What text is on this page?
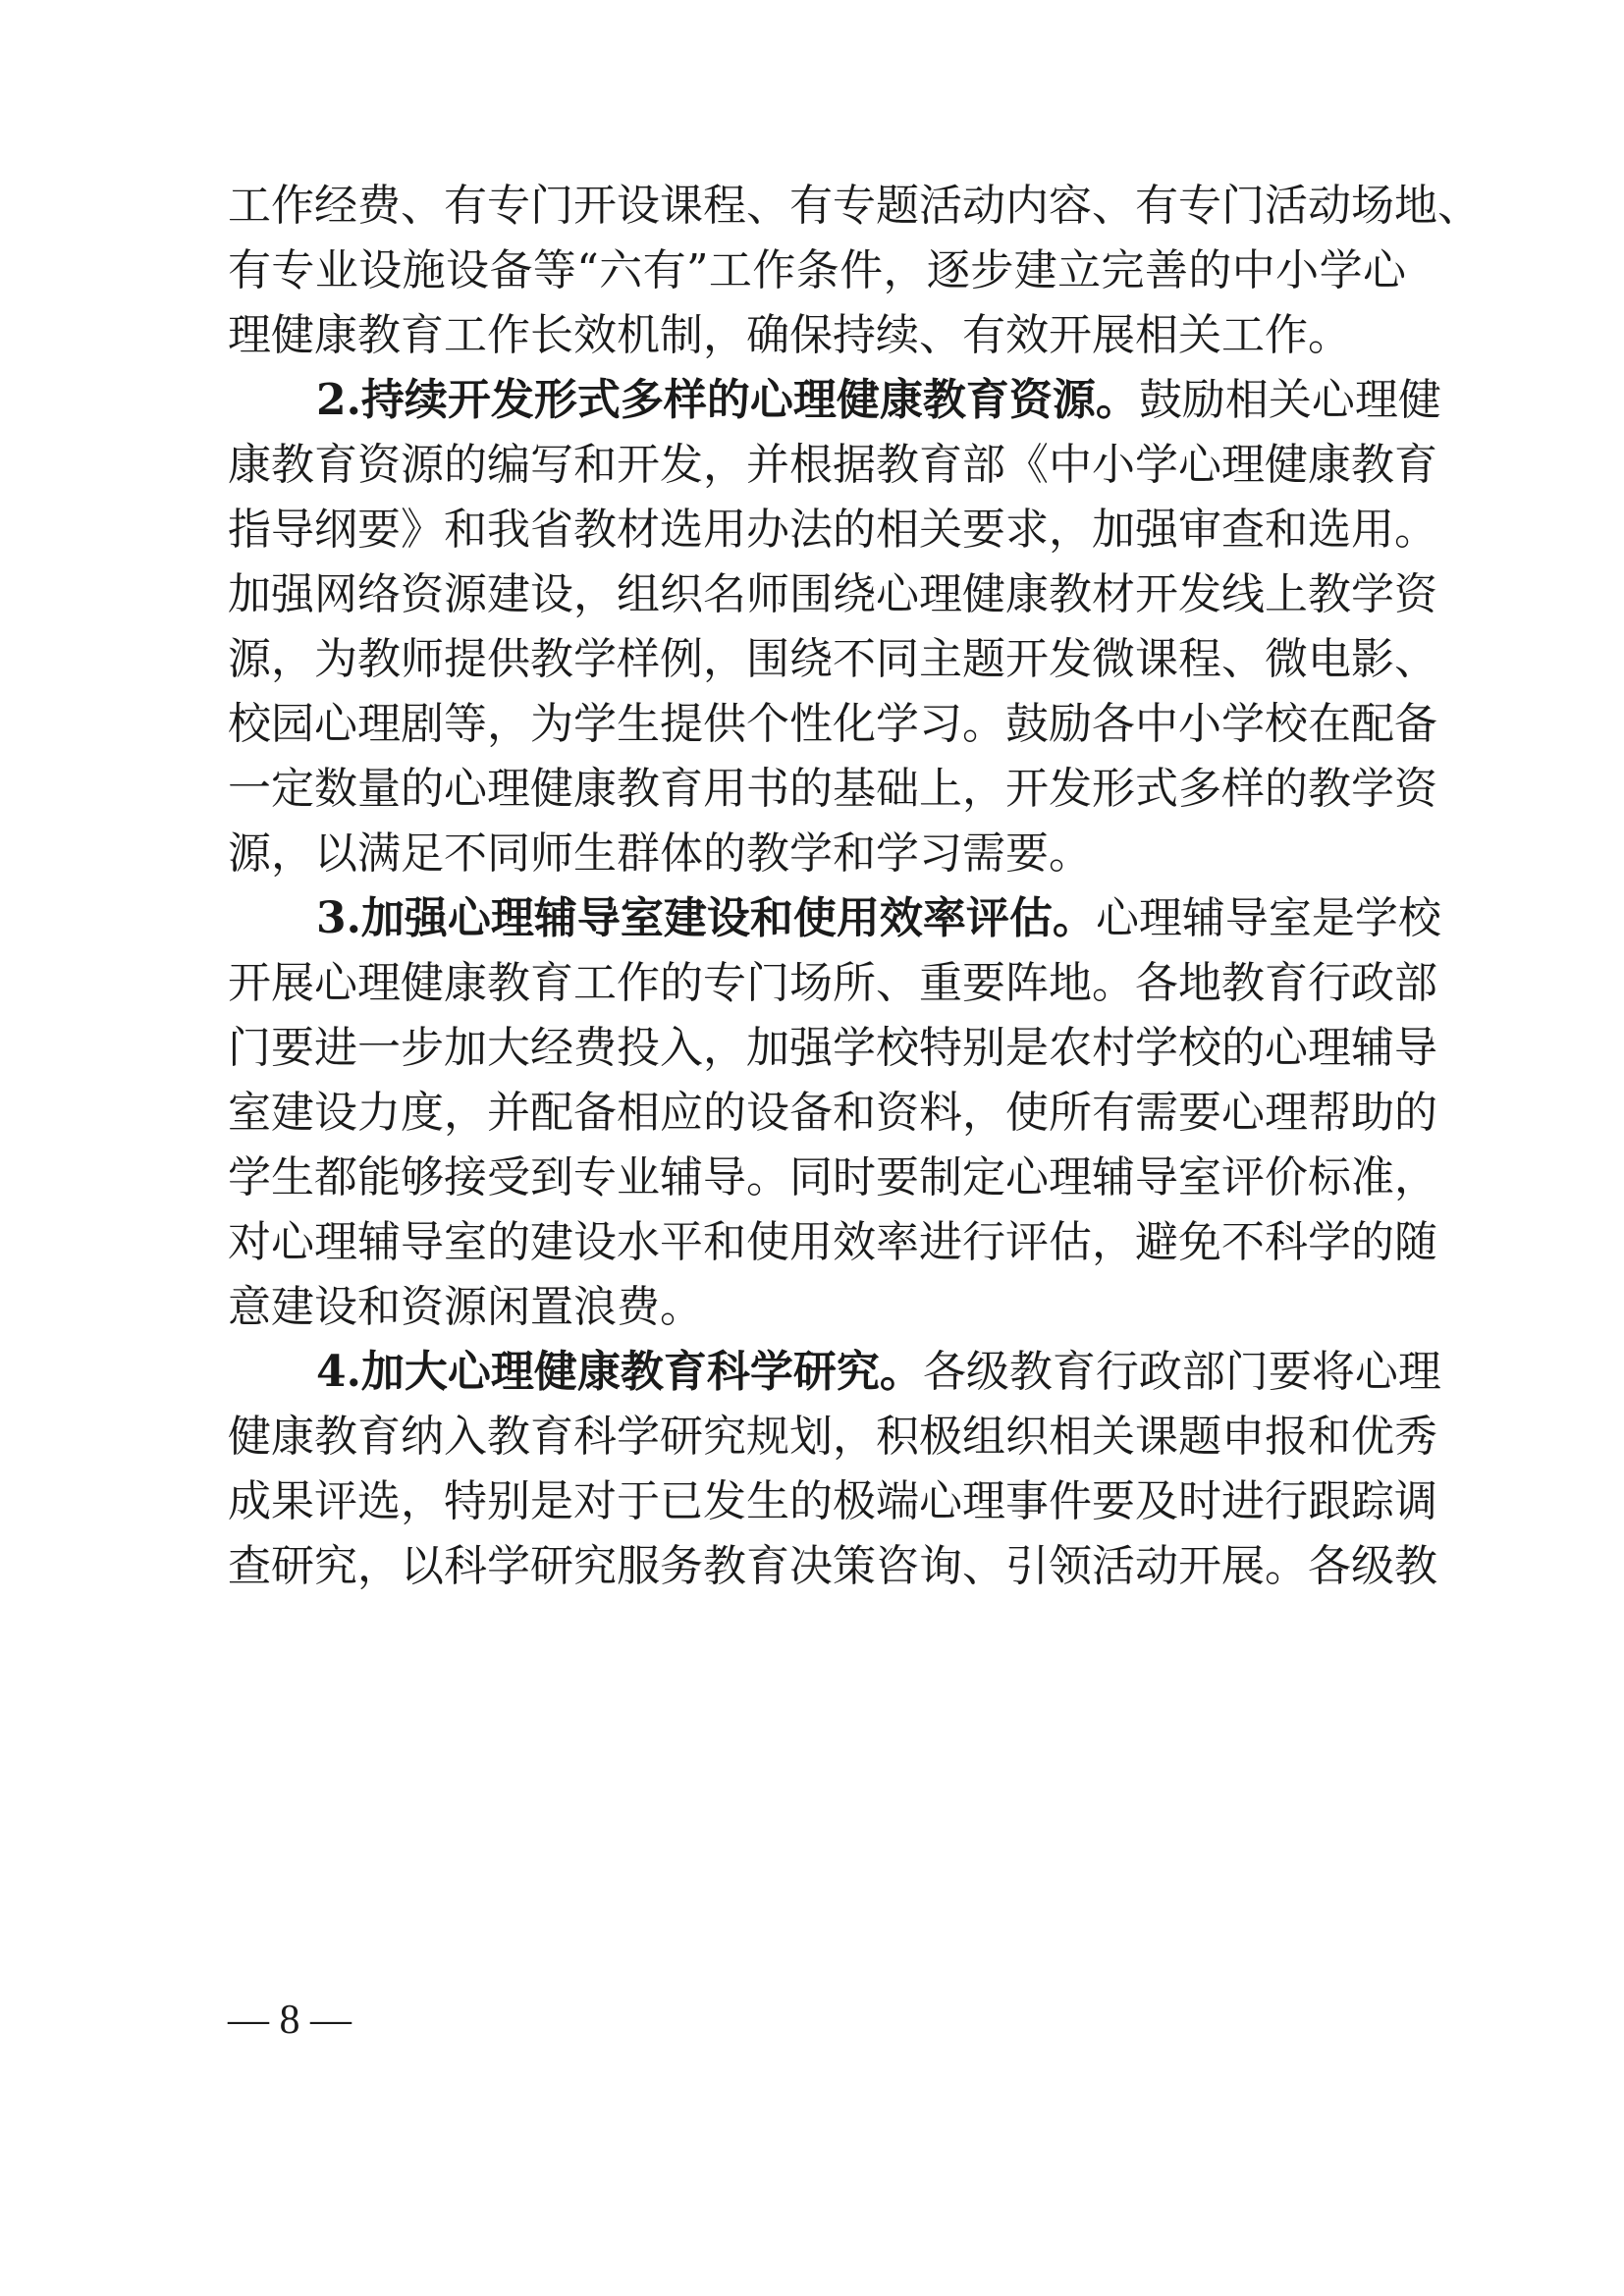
工作经费、有专门开设课程、有专题活动内容、有专门活动场地、
有专业设施设备等“六有”工作条件，逐步建立完善的中小学心
理健康教育工作长效机制，确保持续、有效开展相关工作。
2.持续开发形式多样的心理健康教育资源。鼓励相关心理健
康教育资源的编写和开发，并根据教育部《中小学心理健康教育
指导纲要》和我省教材选用办法的相关要求，加强审查和选用。
加强网络资源建设，组织名师围绕心理健康教材开发线上教学资
源，为教师提供教学样例，围绕不同主题开发微课程、微电影、
校园心理剧等，为学生提供个性化学习。鼓励各中小学校在配备
一定数量的心理健康教育用书的基础上，开发形式多样的教学资
源，以满足不同师生群体的教学和学习需要。
3.加强心理辅导室建设和使用效率评估。心理辅导室是学校
开展心理健康教育工作的专门场所、重要阵地。各地教育行政部
门要进一步加大经费投入，加强学校特别是农村学校的心理辅导
室建设力度，并配备相应的设备和资料，使所有需要心理帮助的
学生都能够接受到专业辅导。同时要制定心理辅导室评价标准，
对心理辅导室的建设水平和使用效率进行评估，避免不科学的随
意建设和资源闲置浪费。
4.加大心理健康教育科学研究。各级教育行政部门要将心理
健康教育纳入教育科学研究规划，积极组织相关课题申报和优秀
成果评选，特别是对于已发生的极端心理事件要及时进行跟踪调
查研究，以科学研究服务教育决策咨询、引领活动开展。各级教
— 8 —
